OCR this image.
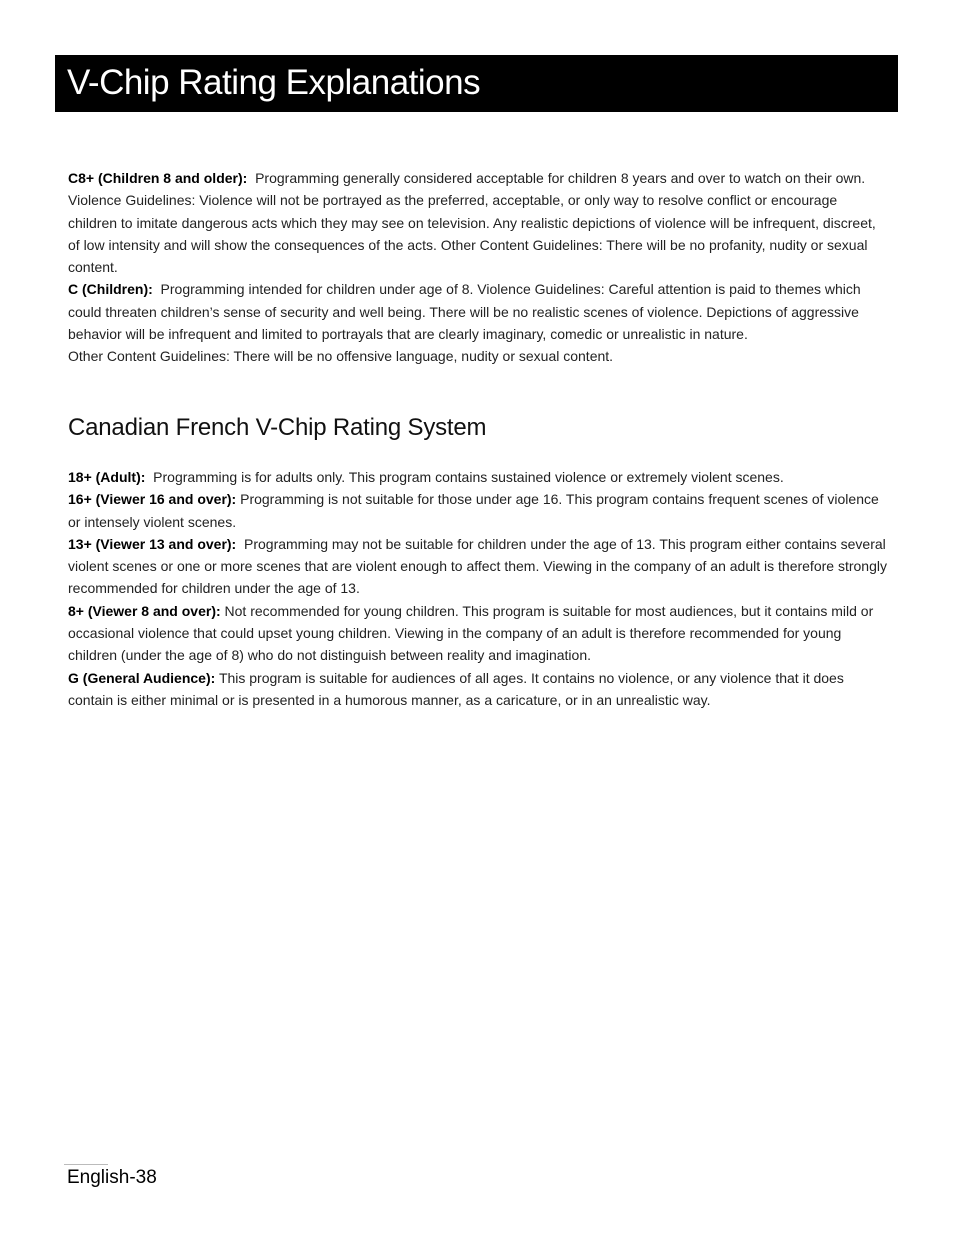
V-Chip Rating Explanations

C8+ (Children 8 and older): Programming generally considered acceptable for children 8 years and over to watch on their own. Violence Guidelines: Violence will not be portrayed as the preferred, acceptable, or only way to resolve conflict or encourage children to imitate dangerous acts which they may see on television. Any realistic depictions of violence will be infrequent, discreet, of low intensity and will show the consequences of the acts. Other Content Guidelines: There will be no profanity, nudity or sexual content.

C (Children): Programming intended for children under age of 8. Violence Guidelines: Careful attention is paid to themes which could threaten children’s sense of security and well being. There will be no realistic scenes of violence. Depictions of aggressive behavior will be infrequent and limited to portrayals that are clearly imaginary, comedic or unrealistic in nature.

Other Content Guidelines: There will be no offensive language, nudity or sexual content.

Canadian French V-Chip Rating System

18+ (Adult): Programming is for adults only. This program contains sustained violence or extremely violent scenes.

16+ (Viewer 16 and over): Programming is not suitable for those under age 16. This program contains frequent scenes of violence or intensely violent scenes.

13+ (Viewer 13 and over): Programming may not be suitable for children under the age of 13. This program either contains several violent scenes or one or more scenes that are violent enough to affect them. Viewing in the company of an adult is therefore strongly recommended for children under the age of 13.

8+ (Viewer 8 and over): Not recommended for young children. This program is suitable for most audiences, but it contains mild or occasional violence that could upset young children. Viewing in the company of an adult is therefore recommended for young children (under the age of 8) who do not distinguish between reality and imagination.

G (General Audience): This program is suitable for audiences of all ages. It contains no violence, or any violence that it does contain is either minimal or is presented in a humorous manner, as a caricature, or in an unrealistic way.

English-38
